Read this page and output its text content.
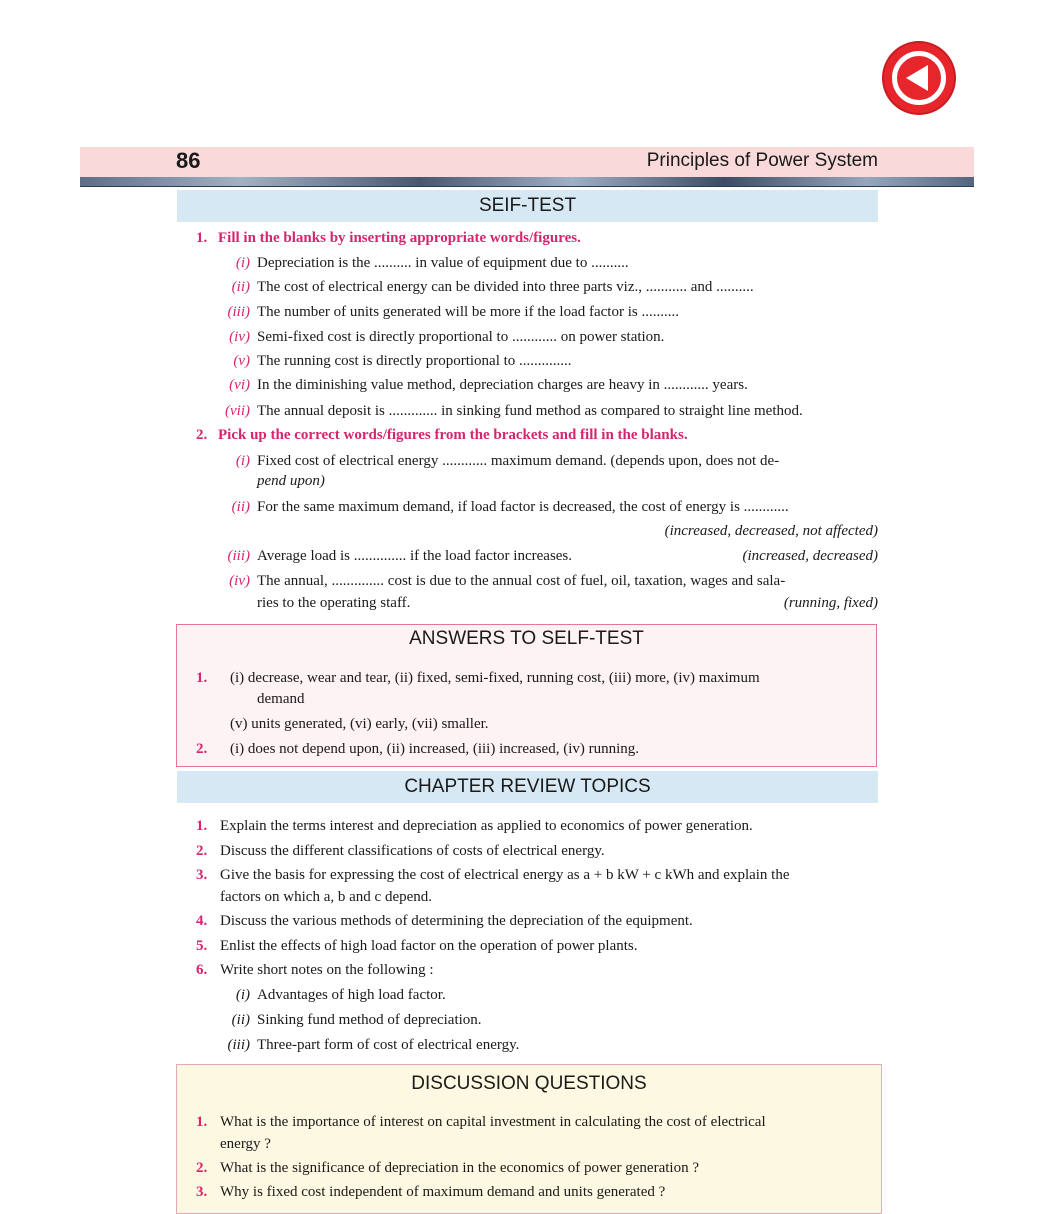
86	Principles of Power System
SEIF-TEST
1. Fill in the blanks by inserting appropriate words/figures.
(i) Depreciation is the .......... in value of equipment due to ..........
(ii) The cost of electrical energy can be divided into three parts viz., ........... and ..........
(iii) The number of units generated will be more if the load factor is ..........
(iv) Semi-fixed cost is directly proportional to ............ on power station.
(v) The running cost is directly proportional to ..............
(vi) In the diminishing value method, depreciation charges are heavy in ............ years.
(vii) The annual deposit is ............. in sinking fund method as compared to straight line method.
2. Pick up the correct words/figures from the brackets and fill in the blanks.
(i) Fixed cost of electrical energy ............ maximum demand. (depends upon, does not de-
pend upon)
(ii) For the same maximum demand, if load factor is decreased, the cost of energy is ............
(increased, decreased, not affected)
(iii) Average load is .............. if the load factor increases.	(increased, decreased)
(iv) The annual, .............. cost is due to the annual cost of fuel, oil, taxation, wages and sala-
ries to the operating staff.	(running, fixed)
ANSWERS TO SELF-TEST
1. (i) decrease, wear and tear, (ii) fixed, semi-fixed, running cost, (iii) more, (iv) maximum
demand
(v) units generated, (vi) early, (vii) smaller.
2. (i) does not depend upon, (ii) increased, (iii) increased, (iv) running.
CHAPTER REVIEW TOPICS
1. Explain the terms interest and depreciation as applied to economics of power generation.
2. Discuss the different classifications of costs of electrical energy.
3. Give the basis for expressing the cost of electrical energy as a + b kW + c kWh and explain the
factors on which a, b and c depend.
4. Discuss the various methods of determining the depreciation of the equipment.
5. Enlist the effects of high load factor on the operation of power plants.
6. Write short notes on the following :
(i) Advantages of high load factor.
(ii) Sinking fund method of depreciation.
(iii) Three-part form of cost of electrical energy.
DISCUSSION QUESTIONS
1. What is the importance of interest on capital investment in calculating the cost of electrical
energy ?
2. What is the significance of depreciation in the economics of power generation ?
3. Why is fixed cost independent of maximum demand and units generated ?
